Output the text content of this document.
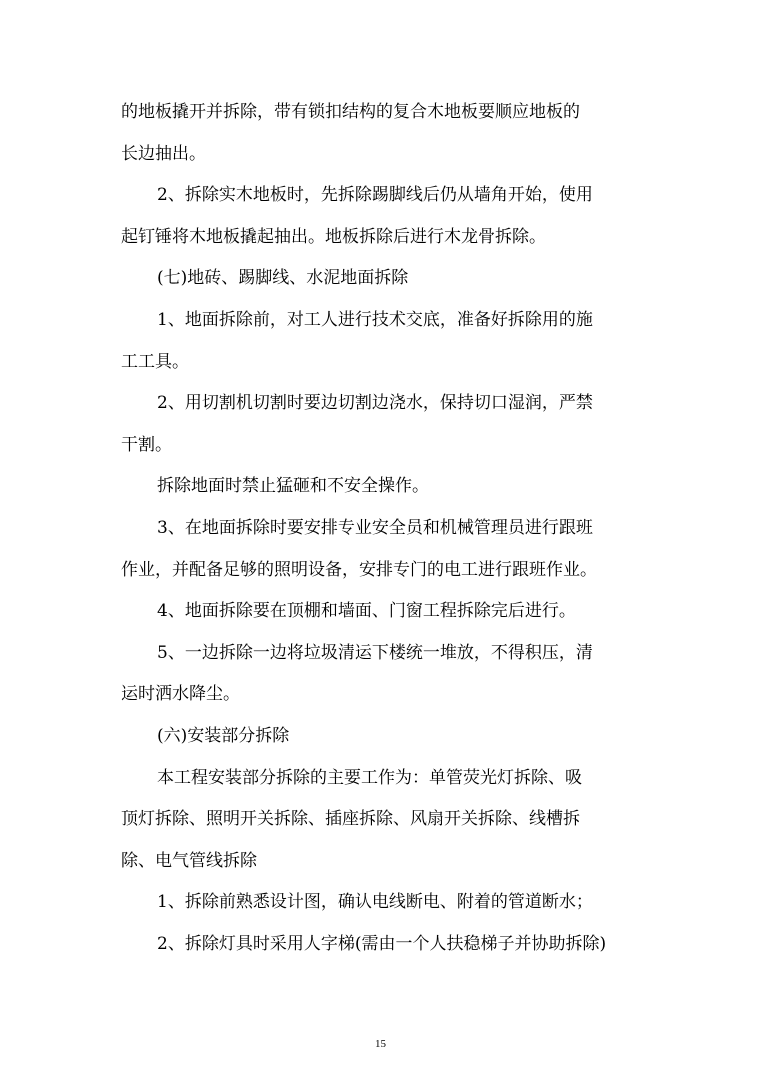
的地板撬开并拆除，带有锁扣结构的复合木地板要顺应地板的
长边抽出。
2、拆除实木地板时，先拆除踢脚线后仍从墙角开始，使用
起钉锤将木地板撬起抽出。地板拆除后进行木龙骨拆除。
(七)地砖、踢脚线、水泥地面拆除
1、地面拆除前，对工人进行技术交底，准备好拆除用的施
工工具。
2、用切割机切割时要边切割边浇水，保持切口湿润，严禁
干割。
拆除地面时禁止猛砸和不安全操作。
3、在地面拆除时要安排专业安全员和机械管理员进行跟班
作业，并配备足够的照明设备，安排专门的电工进行跟班作业。
4、地面拆除要在顶棚和墙面、门窗工程拆除完后进行。
5、一边拆除一边将垃圾清运下楼统一堆放，不得积压，清
运时洒水降尘。
(六)安装部分拆除
本工程安装部分拆除的主要工作为：单管荧光灯拆除、吸
顶灯拆除、照明开关拆除、插座拆除、风扇开关拆除、线槽拆
除、电气管线拆除
1、拆除前熟悉设计图，确认电线断电、附着的管道断水；
2、拆除灯具时采用人字梯(需由一个人扶稳梯子并协助拆除)
15
